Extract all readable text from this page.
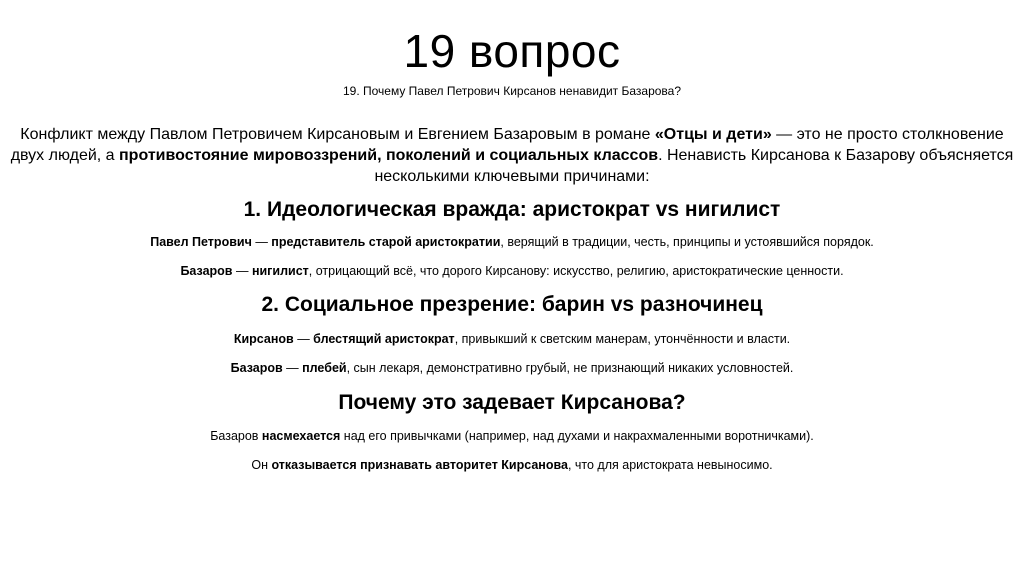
19 вопрос
19. Почему Павел Петрович Кирсанов ненавидит Базарова?
Конфликт между Павлом Петровичем Кирсановым и Евгением Базаровым в романе «Отцы и дети» — это не просто столкновение двух людей, а противостояние мировоззрений, поколений и социальных классов. Ненависть Кирсанова к Базарову объясняется несколькими ключевыми причинами:
1. Идеологическая вражда: аристократ vs нигилист
Павел Петрович — представитель старой аристократии, верящий в традиции, честь, принципы и устоявшийся порядок.
Базаров — нигилист, отрицающий всё, что дорого Кирсанову: искусство, религию, аристократические ценности.
2. Социальное презрение: барин vs разночинец
Кирсанов — блестящий аристократ, привыкший к светским манерам, утончённости и власти.
Базаров — плебей, сын лекаря, демонстративно грубый, не признающий никаких условностей.
Почему это задевает Кирсанова?
Базаров насмехается над его привычками (например, над духами и накрахмаленными воротничками).
Он отказывается признавать авторитет Кирсанова, что для аристократа невыносимо.
